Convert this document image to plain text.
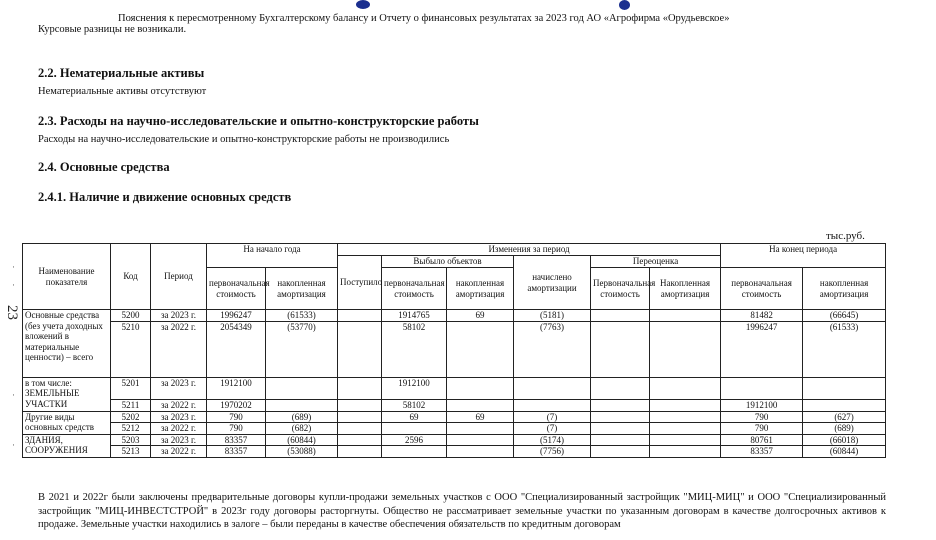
Пояснения к пересмотренному Бухгалтерскому балансу и Отчету о финансовых результатах за 2023 год АО «Агрофирма «Орудьевское»
Курсовые разницы не возникали.
2.2. Нематериальные активы
Нематериальные активы отсутствуют
2.3. Расходы на научно-исследовательские и опытно-конструкторские работы
Расходы на научно-исследовательские и опытно-конструкторские работы не производились
2.4. Основные средства
2.4.1. Наличие и движение основных средств
тыс.руб.
·
·
·
·
23
Наименование показателя	Код	Период	На начало года		Изменения за период						На конец периода	
					Поступило	Выбыло объектов		начислено амортизации	Переоценка			
			первоначальная стоимость	накопленная амортизация		первоначальная стоимость	накопленная амортизация		Первоначальная стоимость	Накопленная амортизация	первоначальная стоимость	накопленная амортизация
Основные средства (без учета доходных вложений в материальные ценности) – всего	5200	за 2023 г.	1996247	(61533)		1914765	69	(5181)			81482	(66645)
	5210	за 2022 г.	2054349	(53770)		58102		(7763)			1996247	(61533)
в том числе: ЗЕМЕЛЬНЫЕ УЧАСТКИ	5201	за 2023 г.	1912100			1912100						
	5211	за 2022 г.	1970202			58102					1912100	
Другие виды основных средств	5202	за 2023 г.	790	(689)		69	69	(7)			790	(627)
	5212	за 2022 г.	790	(682)				(7)			790	(689)
ЗДАНИЯ, СООРУЖЕНИЯ	5203	за 2023 г.	83357	(60844)		2596		(5174)			80761	(66018)
	5213	за 2022 г.	83357	(53088)				(7756)			83357	(60844)
В 2021 и 2022г были заключены предварительные договоры купли-продажи земельных участков с ООО "Специализированный застройщик "МИЦ-МИЦ" и ООО "Специализированный застройщик "МИЦ-ИНВЕСТСТРОЙ" в 2023г году договоры расторгнуты. Общество не рассматривает земельные участки по указанным договорам в качестве долгосрочных активов к продаже. Земельные участки находились в залоге – были переданы в качестве обеспечения обязательств по кредитным договорам
